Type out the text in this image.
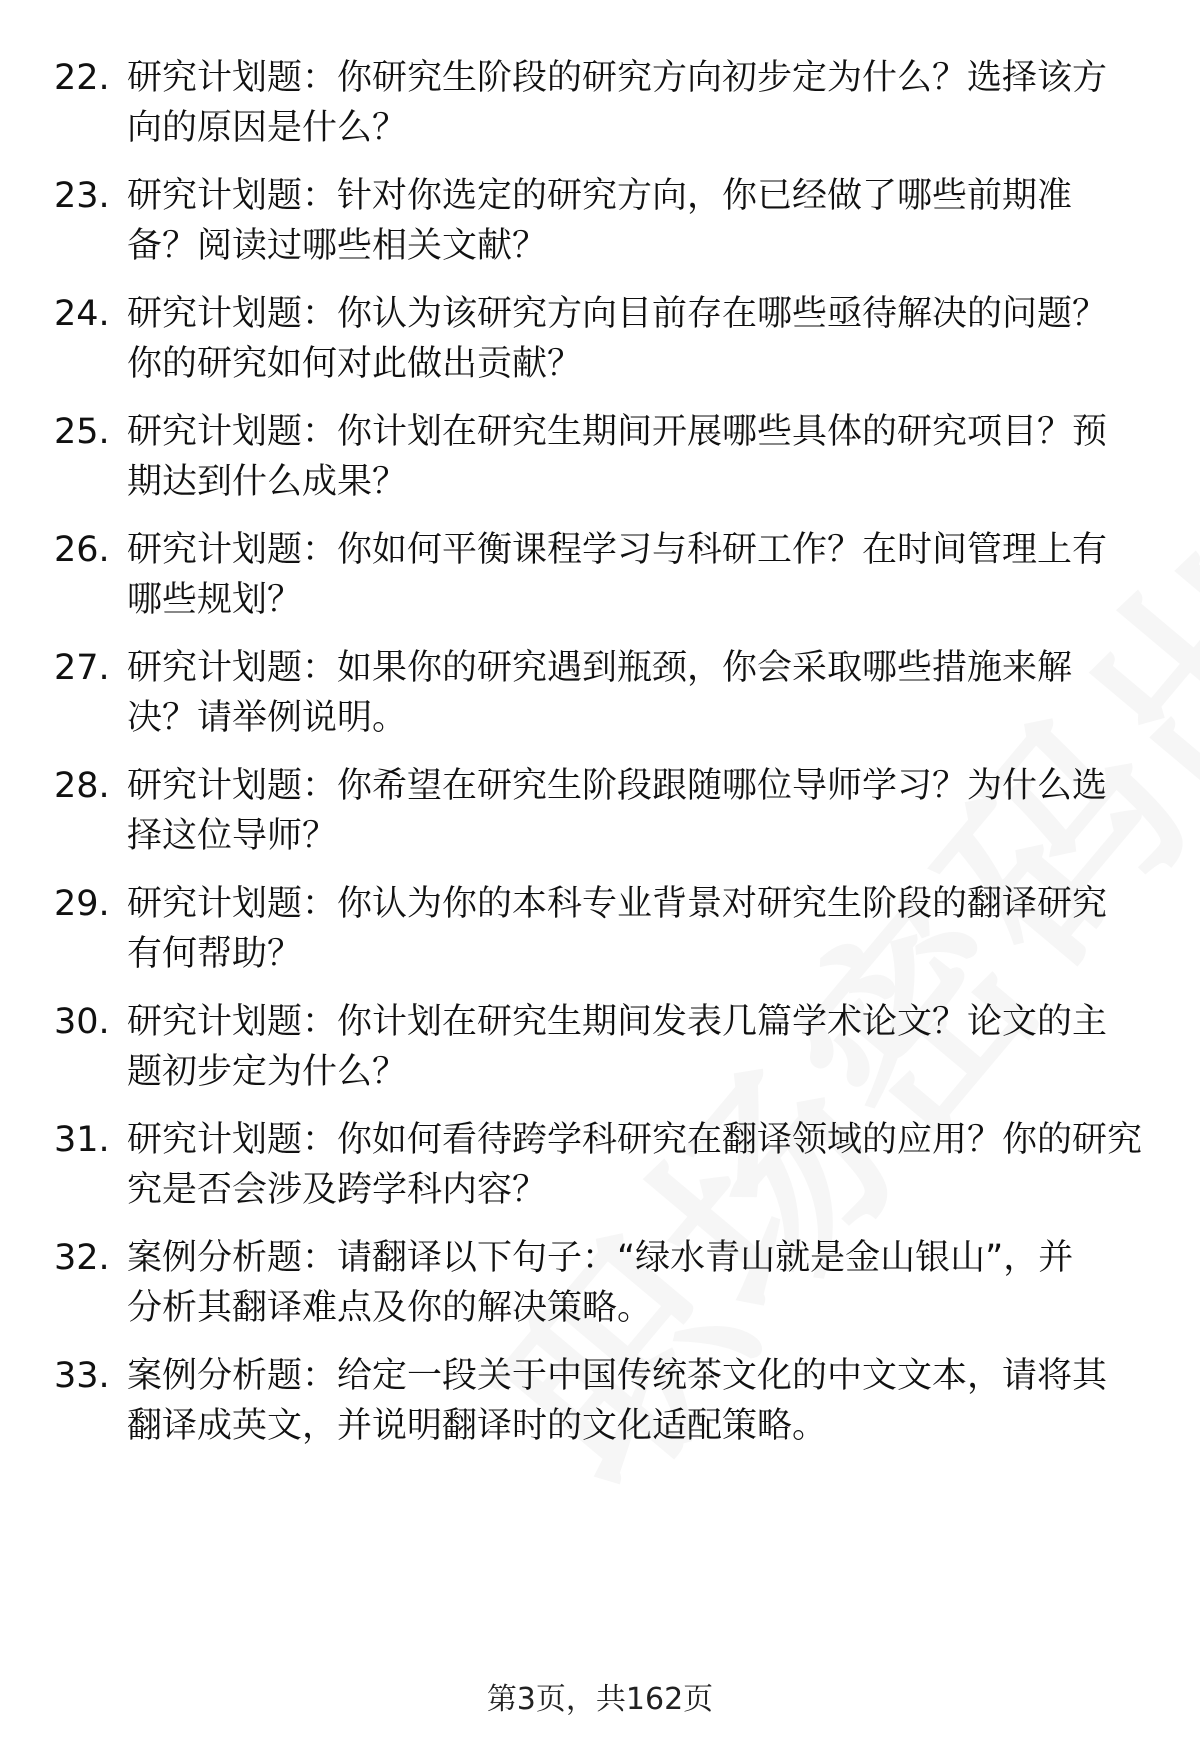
22. 研究计划题：你研究生阶段的研究方向初步定为什么？选择该方
向的原因是什么？
23. 研究计划题：针对你选定的研究方向，你已经做了哪些前期准
备？阅读过哪些相关文献？
24. 研究计划题：你认为该研究方向目前存在哪些亟待解决的问题？
你的研究如何对此做出贡献？
25. 研究计划题：你计划在研究生期间开展哪些具体的研究项目？预
期达到什么成果？
26. 研究计划题：你如何平衡课程学习与科研工作？在时间管理上有
哪些规划？
27. 研究计划题：如果你的研究遇到瓶颈，你会采取哪些措施来解
决？请举例说明。
28. 研究计划题：你希望在研究生阶段跟随哪位导师学习？为什么选
择这位导师？
29. 研究计划题：你认为你的本科专业背景对研究生阶段的翻译研究
有何帮助？
30. 研究计划题：你计划在研究生期间发表几篇学术论文？论文的主
题初步定为什么？
31. 研究计划题：你如何看待跨学科研究在翻译领域的应用？你的研究
究是否会涉及跨学科内容？
32. 案例分析题：请翻译以下句子：“绿水青山就是金山银山”，并
分析其翻译难点及你的解决策略。
33. 案例分析题：给定一段关于中国传统茶文化的中文文本，请将其
翻译成英文，并说明翻译时的文化适配策略。
第3页，共162页
